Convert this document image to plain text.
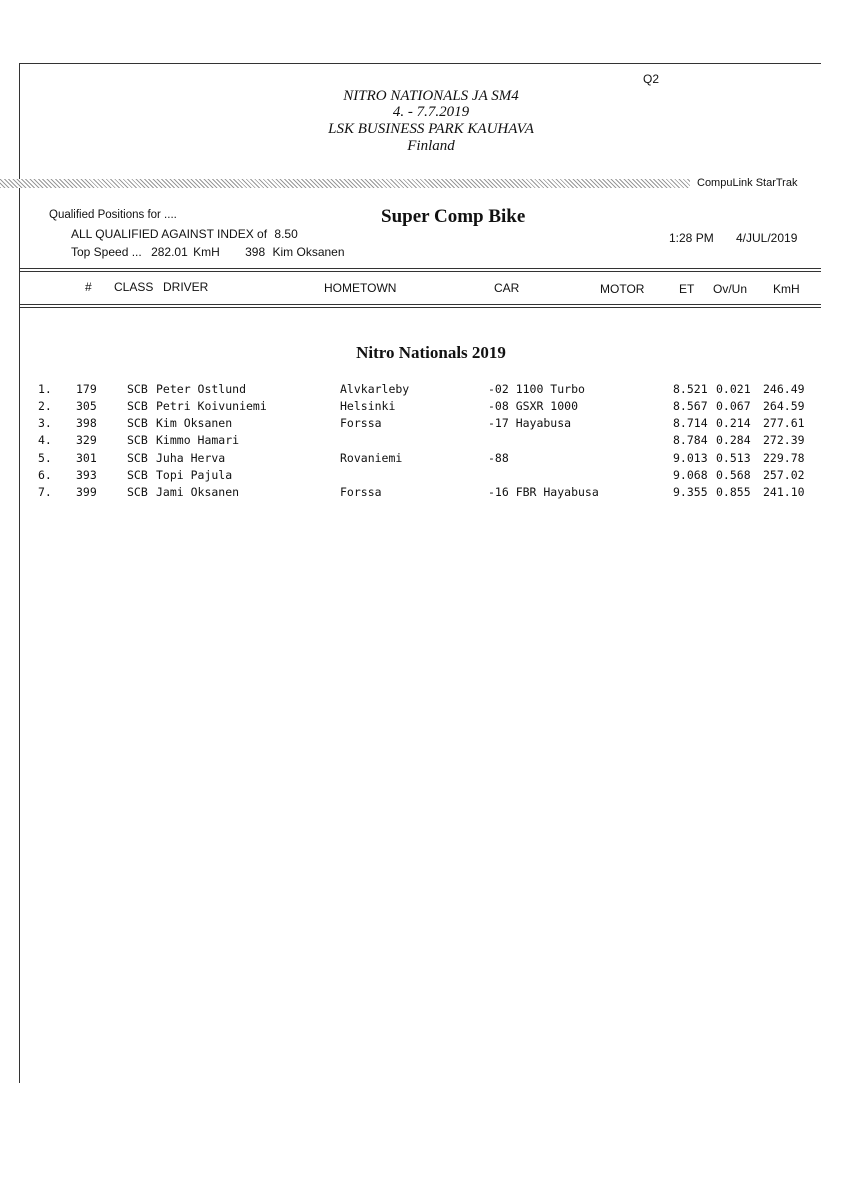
Q2
NITRO NATIONALS JA SM4
4. - 7.7.2019
LSK BUSINESS PARK KAUHAVA
Finland
CompuLink StarTrak
Qualified Positions for ....	Super Comp Bike
ALL QUALIFIED AGAINST INDEX of 8.50	1:28 PM 4/JUL/2019
Top Speed ... 282.01 KmH 398 Kim Oksanen
# CLASS DRIVER	HOMETOWN	CAR	MOTOR	ET Ov/Un KmH
Nitro Nationals 2019
1. 179	SCB Peter Ostlund	Alvkarleby	-02 1100 Turbo	8.521 0.021 246.49
2. 305	SCB Petri Koivuniemi	Helsinki	-08 GSXR 1000	8.567 0.067 264.59
3. 398	SCB Kim Oksanen	Forssa	-17 Hayabusa	8.714 0.214 277.61
4. 329	SCB Kimmo Hamari	8.784 0.284 272.39
5. 301	SCB Juha Herva	Rovaniemi	-88	9.013 0.513 229.78
6. 393	SCB Topi Pajula	9.068 0.568 257.02
7. 399	SCB Jami Oksanen	Forssa	-16 FBR Hayabusa	9.355 0.855 241.10
